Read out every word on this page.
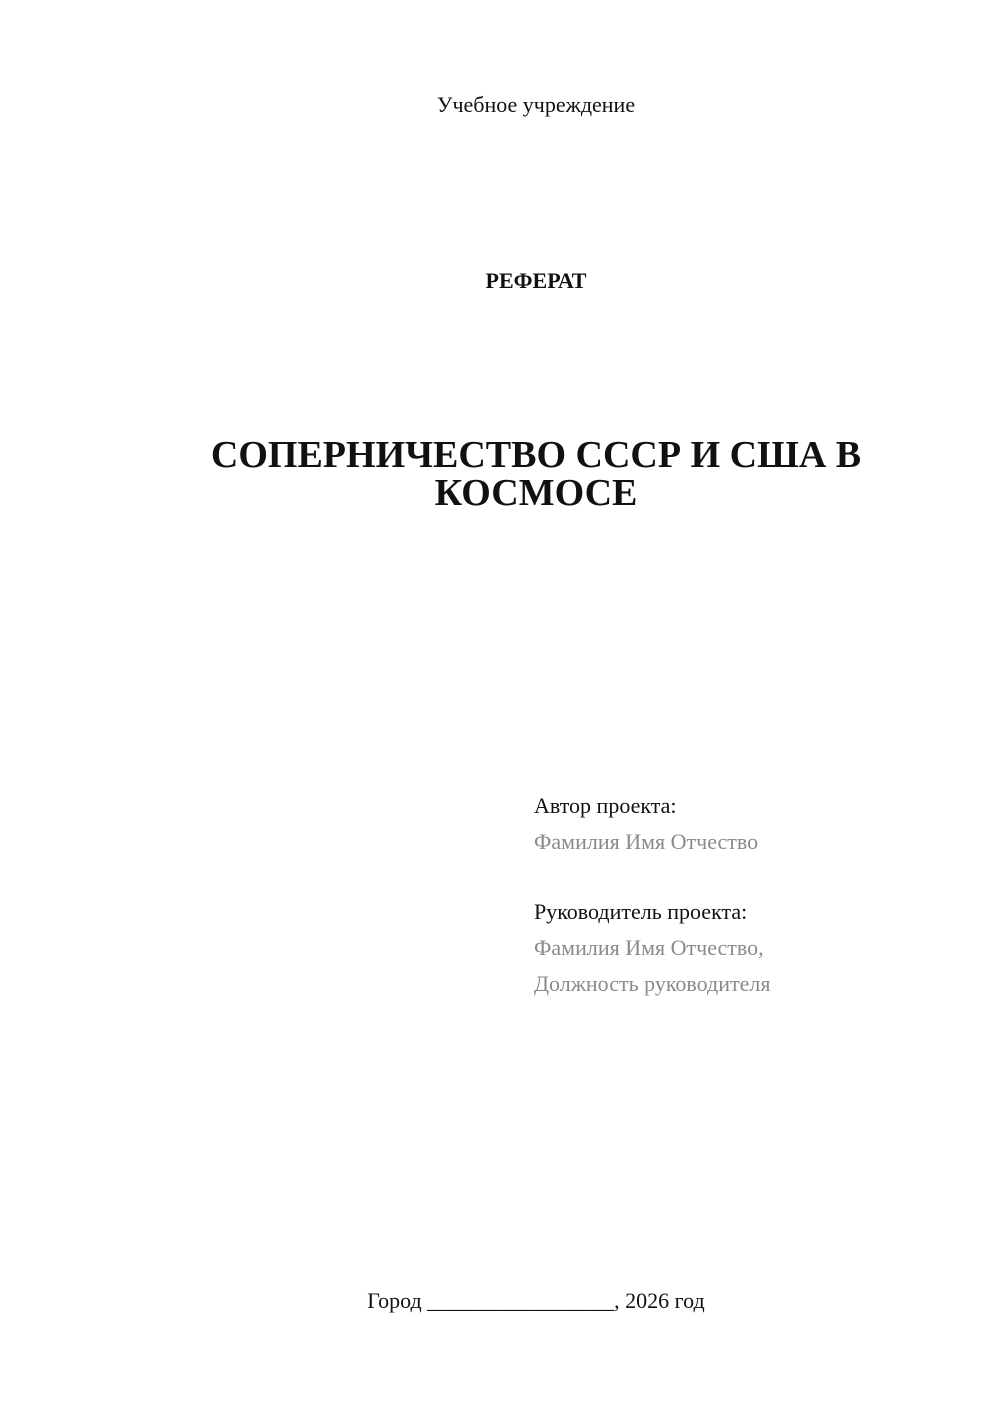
Учебное учреждение
РЕФЕРАТ
СОПЕРНИЧЕСТВО СССР И США В КОСМОСЕ
Автор проекта:
Фамилия Имя Отчество
Руководитель проекта:
Фамилия Имя Отчество,
Должность руководителя
Город _________________, 2026 год
